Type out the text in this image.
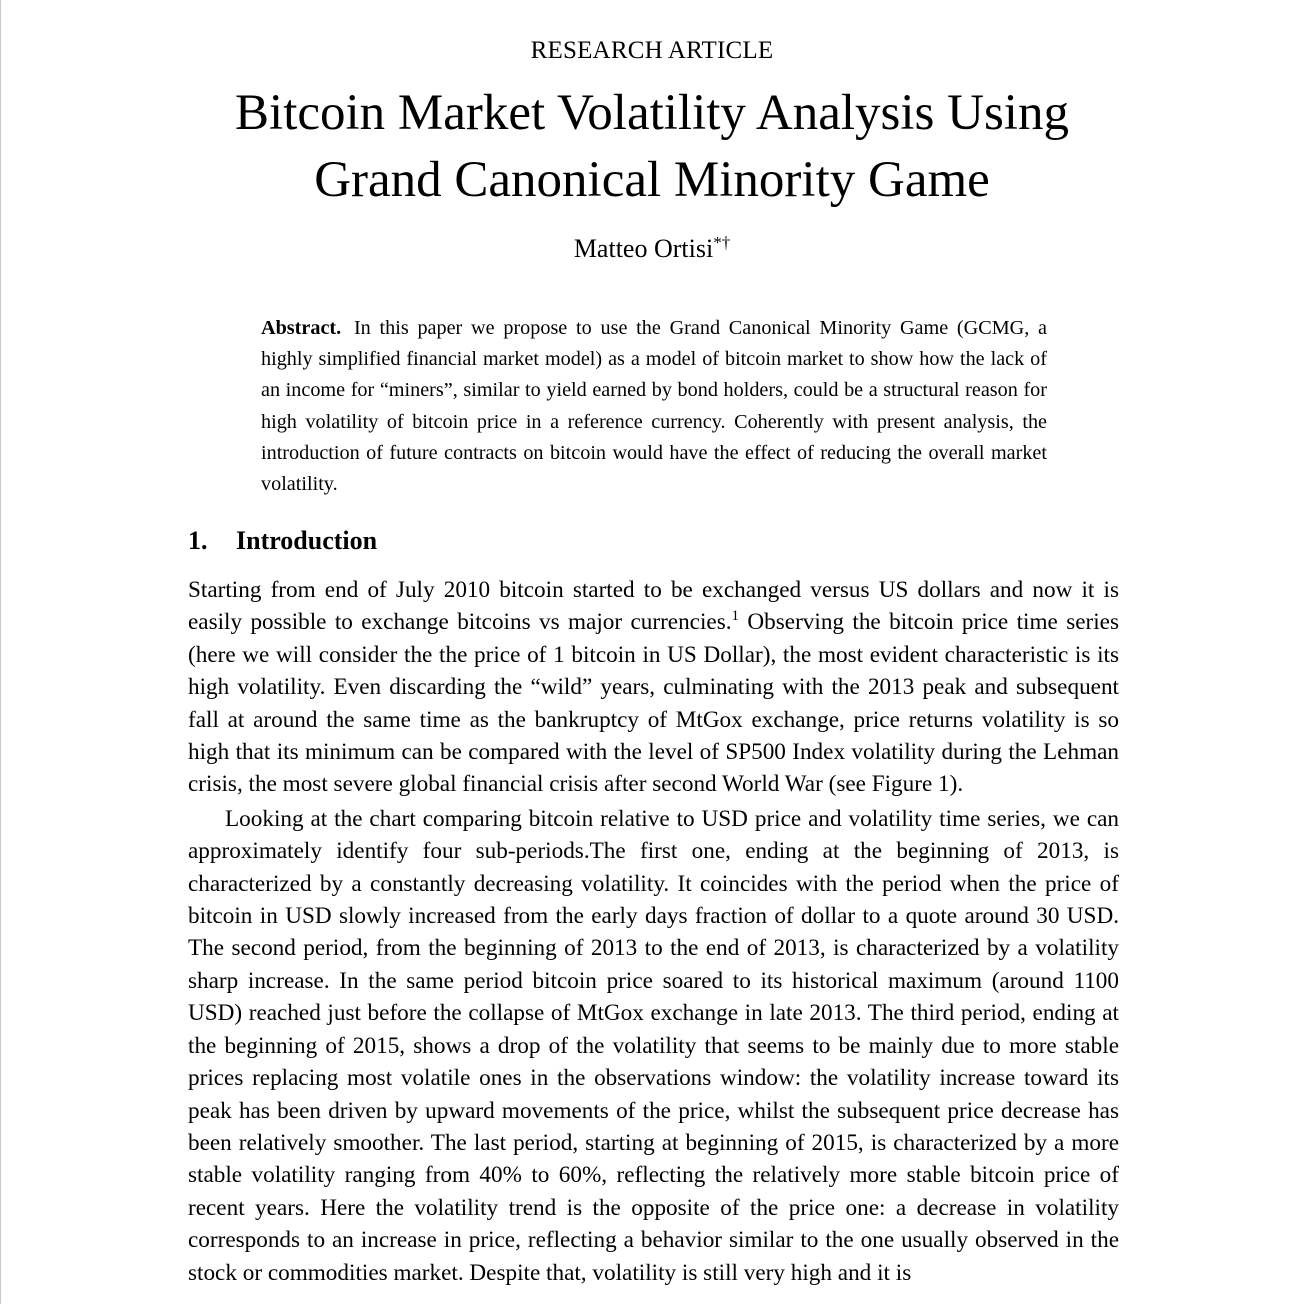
RESEARCH ARTICLE
Bitcoin Market Volatility Analysis Using
Grand Canonical Minority Game
Matteo Ortisi*†
Abstract. In this paper we propose to use the Grand Canonical Minority Game (GCMG, a highly simplified financial market model) as a model of bitcoin market to show how the lack of an income for “miners”, similar to yield earned by bond holders, could be a structural reason for high volatility of bitcoin price in a reference currency. Coherently with present analysis, the introduction of future contracts on bitcoin would have the effect of reducing the overall market volatility.
1. Introduction

Starting from end of July 2010 bitcoin started to be exchanged versus US dollars and now it is easily possible to exchange bitcoins vs major currencies.$^1$ Observing the bitcoin price time series (here we will consider the the price of 1 bitcoin in US Dollar), the most evident characteristic is its high volatility. Even discarding the “wild” years, culminating with the 2013 peak and subsequent fall at around the same time as the bankruptcy of MtGox exchange, price returns volatility is so high that its minimum can be compared with the level of SP500 Index volatility during the Lehman crisis, the most severe global financial crisis after second World War (see Figure 1).

Looking at the chart comparing bitcoin relative to USD price and volatility time series, we can approximately identify four sub-periods.The first one, ending at the beginning of 2013, is characterized by a constantly decreasing volatility. It coincides with the period when the price of bitcoin in USD slowly increased from the early days fraction of dollar to a quote around 30 USD. The second period, from the beginning of 2013 to the end of 2013, is characterized by a volatility sharp increase. In the same period bitcoin price soared to its historical maximum (around 1100 USD) reached just before the collapse of MtGox exchange in late 2013. The third period, ending at the beginning of 2015, shows a drop of the volatility that seems to be mainly due to more stable prices replacing most volatile ones in the observations window: the volatility increase toward its peak has been driven by upward movements of the price, whilst the subsequent price decrease has been relatively smoother. The last period, starting at beginning of 2015, is characterized by a more stable volatility ranging from 40% to 60%, reflecting the relatively more stable bitcoin price of recent years. Here the volatility trend is the opposite of the price one: a decrease in volatility corresponds to an increase in price, reflecting a behavior similar to the one usually observed in the stock or commodities market. Despite that, volatility is still very high and it is
